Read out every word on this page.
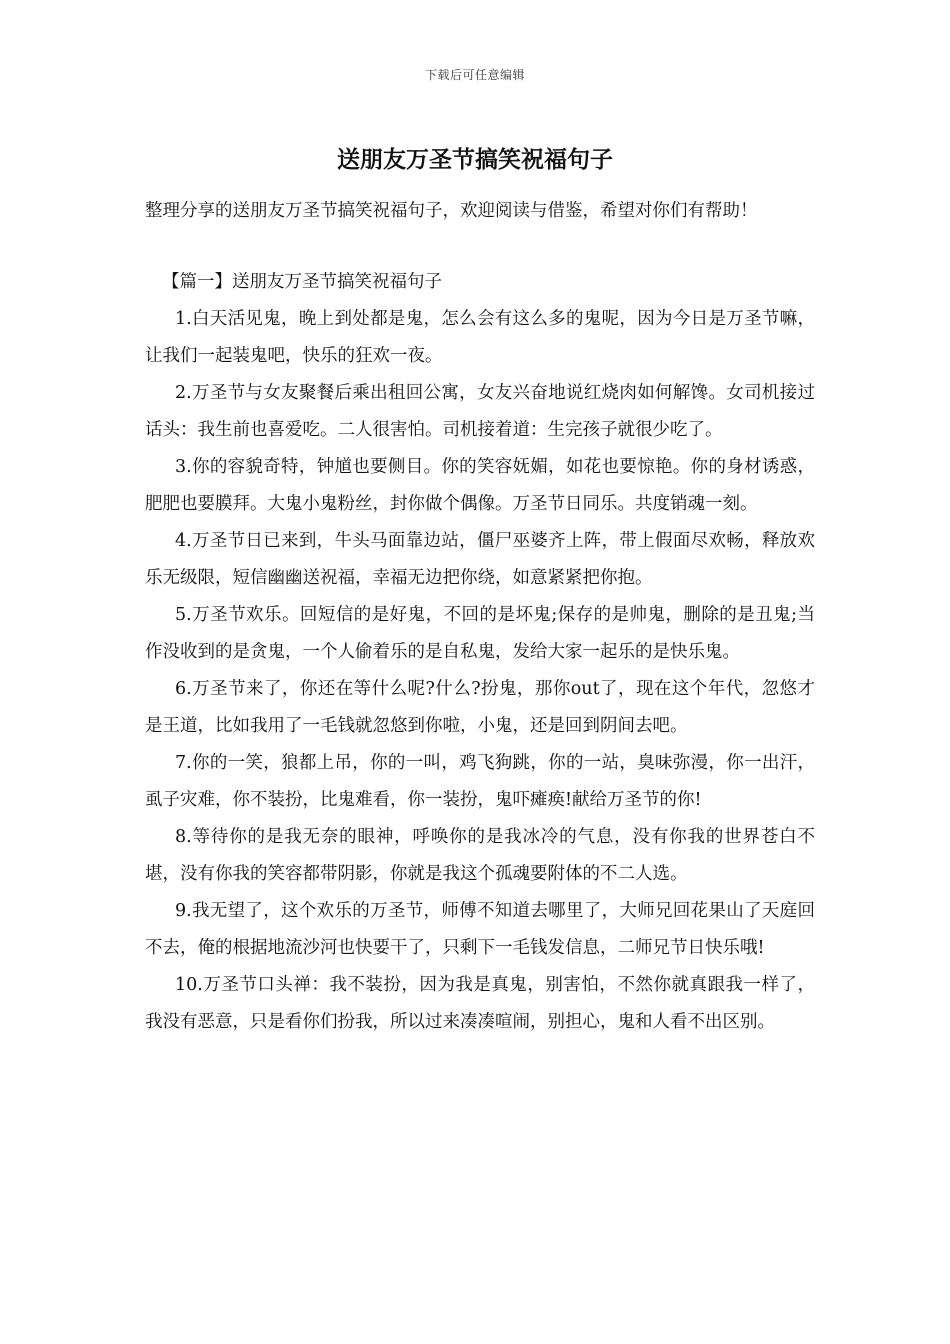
下载后可任意编辑
送朋友万圣节搞笑祝福句子

整理分享的送朋友万圣节搞笑祝福句子，欢迎阅读与借鉴，希望对你们有帮助！

【篇一】送朋友万圣节搞笑祝福句子

1.白天活见鬼，晚上到处都是鬼，怎么会有这么多的鬼呢，因为今日是万圣节嘛，让我们一起装鬼吧，快乐的狂欢一夜。

2.万圣节与女友聚餐后乘出租回公寓，女友兴奋地说红烧肉如何解馋。女司机接过话头：我生前也喜爱吃。二人很害怕。司机接着道：生完孩子就很少吃了。

3.你的容貌奇特，钟馗也要侧目。你的笑容妩媚，如花也要惊艳。你的身材诱惑，肥肥也要膜拜。大鬼小鬼粉丝，封你做个偶像。万圣节日同乐。共度销魂一刻。

4.万圣节日已来到，牛头马面靠边站，僵尸巫婆齐上阵，带上假面尽欢畅，释放欢乐无级限，短信幽幽送祝福，幸福无边把你绕，如意紧紧把你抱。

5.万圣节欢乐。回短信的是好鬼，不回的是坏鬼;保存的是帅鬼，删除的是丑鬼;当作没收到的是贪鬼，一个人偷着乐的是自私鬼，发给大家一起乐的是快乐鬼。

6.万圣节来了，你还在等什么呢?什么?扮鬼，那你out了，现在这个年代，忽悠才是王道，比如我用了一毛钱就忽悠到你啦，小鬼，还是回到阴间去吧。

7.你的一笑，狼都上吊，你的一叫，鸡飞狗跳，你的一站，臭味弥漫，你一出汗，虱子灾难，你不装扮，比鬼难看，你一装扮，鬼吓瘫痪!献给万圣节的你!

8.等待你的是我无奈的眼神，呼唤你的是我冰冷的气息，没有你我的世界苍白不堪，没有你我的笑容都带阴影，你就是我这个孤魂要附体的不二人选。

9.我无望了，这个欢乐的万圣节，师傅不知道去哪里了，大师兄回花果山了天庭回不去，俺的根据地流沙河也快要干了，只剩下一毛钱发信息，二师兄节日快乐哦!

10.万圣节口头禅：我不装扮，因为我是真鬼，别害怕，不然你就真跟我一样了，我没有恶意，只是看你们扮我，所以过来凑凑喧闹，别担心，鬼和人看不出区别。
